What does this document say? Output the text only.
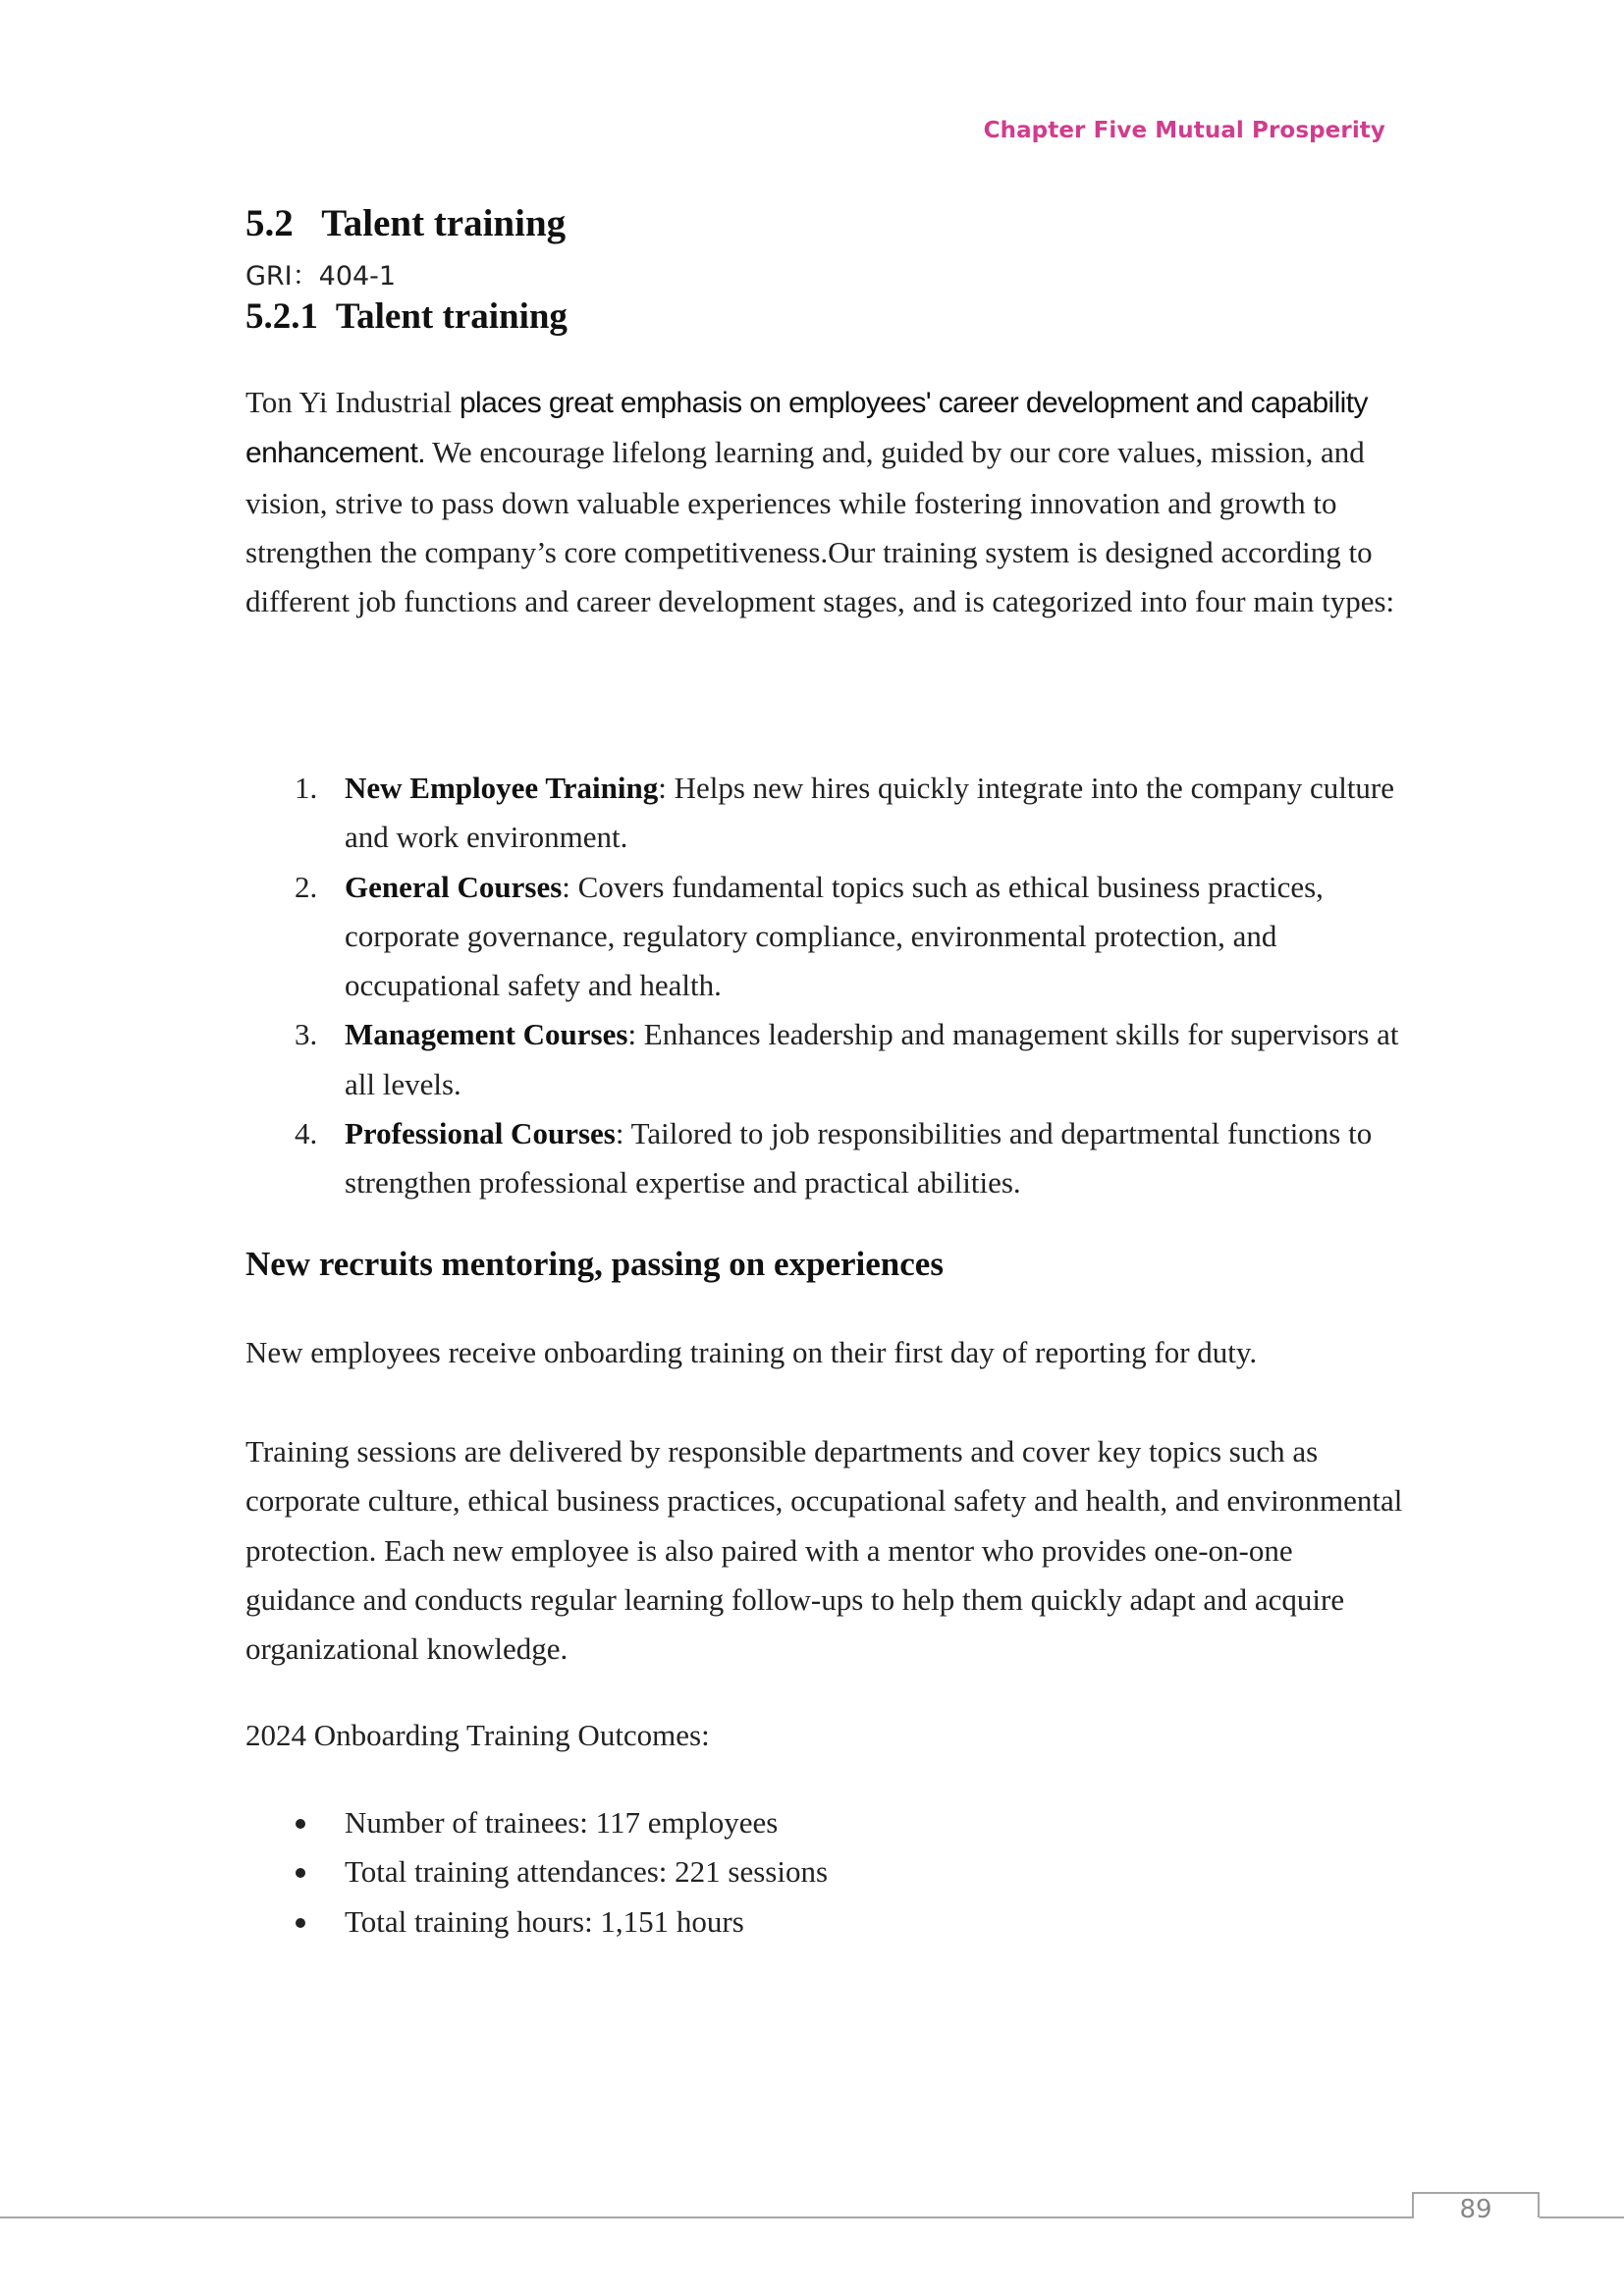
Chapter Five Mutual Prosperity
5.2   Talent training
GRI：404-1
5.2.1  Talent training

Ton Yi Industrial places great emphasis on employees' career development and capability enhancement. We encourage lifelong learning and, guided by our core values, mission, and vision, strive to pass down valuable experiences while fostering innovation and growth to strengthen the company’s core competitiveness.Our training system is designed according to different job functions and career development stages, and is categorized into four main types:

1. New Employee Training: Helps new hires quickly integrate into the company culture and work environment.
2. General Courses: Covers fundamental topics such as ethical business practices, corporate governance, regulatory compliance, environmental protection, and occupational safety and health.
3. Management Courses: Enhances leadership and management skills for supervisors at all levels.
4. Professional Courses: Tailored to job responsibilities and departmental functions to strengthen professional expertise and practical abilities.
New recruits mentoring, passing on experiences

New employees receive onboarding training on their first day of reporting for duty.

Training sessions are delivered by responsible departments and cover key topics such as corporate culture, ethical business practices, occupational safety and health, and environmental protection. Each new employee is also paired with a mentor who provides one-on-one guidance and conducts regular learning follow-ups to help them quickly adapt and acquire organizational knowledge.

2024 Onboarding Training Outcomes:

Number of trainees: 117 employees
Total training attendances: 221 sessions
Total training hours: 1,151 hours
89
